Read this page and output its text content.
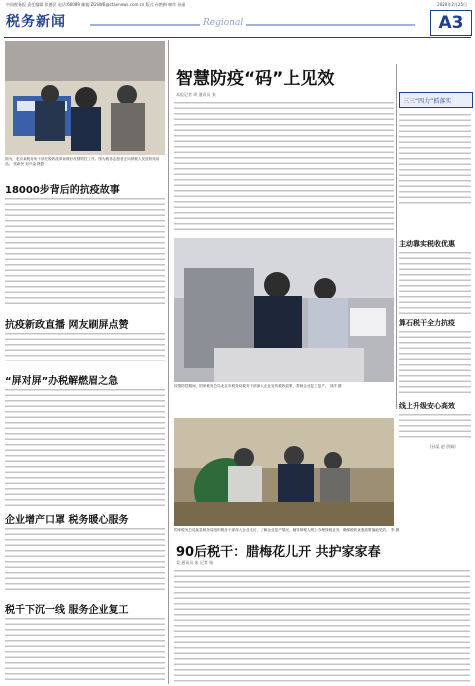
中国税务报 责任编辑 张德民 电话:66089 邮箱:ZGSWB@ctaxnews.com.cn 版式 孙艳梅 制作 孙丽	2020年2月25日
税务新闻	Regional	A3
图为，北京某税务所干部在税收改革前做好疫情防控工作。图为税务志愿者正向纳税人发放防疫用品。 张新民 邓兴淦 摄影
18000步背后的抗疫故事
抗疫新政直播 网友刷屏点赞
“屏对屏”办税解燃眉之急
企业增产口罩 税务暖心服务
税千下沉一线 服务企业复工
智慧防疫“码”上见效
本报记者 周 通讯员 张
疫情防控期间，国家税务总局北京市税务局税务干部深入企业宣传税收政策，帮助企业复工复产。 刘洋 摄
三三“四力”抓落实
主动靠实税收优惠
算石税干全力抗疫
线上升级安心高效
(孙某 赵 供稿)
国家税务总局某县税务局组织税务干部深入企业走访，了解企业复产情况，辅导纳税人网上办理涉税业务，确保税收优惠政策落地见效。 李 摄
90后税干：腊梅花儿开 共护家家春
姜 通讯员 朱 记者 杨
